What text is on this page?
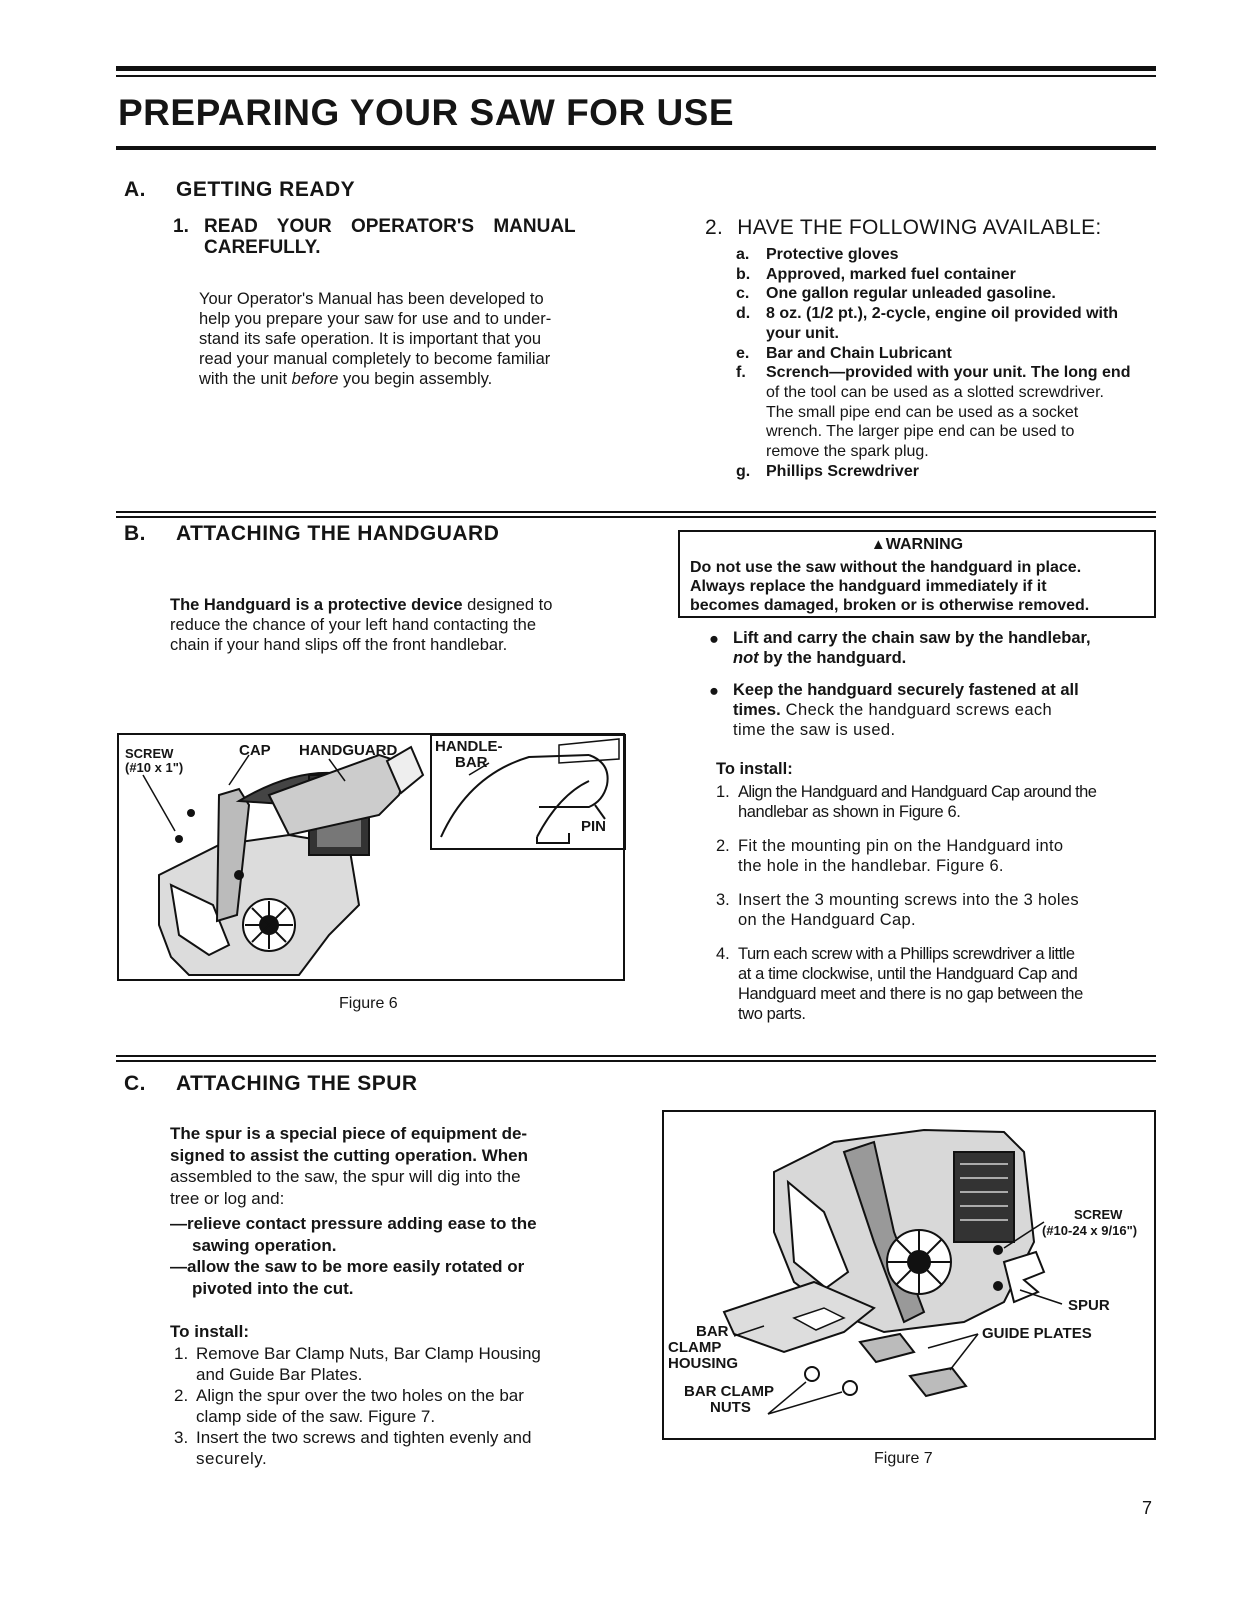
PREPARING YOUR SAW FOR USE
A. GETTING READY
1. READ YOUR OPERATOR'S MANUAL
CAREFULLY.
Your Operator's Manual has been developed to
help you prepare your saw for use and to under-
stand its safe operation. It is important that you
read your manual completely to become familiar
with the unit before you begin assembly.
2. HAVE THE FOLLOWING AVAILABLE:
a. Protective gloves
b. Approved, marked fuel container
c. One gallon regular unleaded gasoline.
d. 8 oz. (1/2 pt.), 2-cycle, engine oil provided with
your unit.
e. Bar and Chain Lubricant
f. Scrench—provided with your unit. The long end
of the tool can be used as a slotted screwdriver.
The small pipe end can be used as a socket
wrench. The larger pipe end can be used to
remove the spark plug.
g. Phillips Screwdriver
B. ATTACHING THE HANDGUARD
The Handguard is a protective device designed to
reduce the chance of your left hand contacting the
chain if your hand slips off the front handlebar.
SCREW
(#10 x 1")
CAP HANDGUARD	HANDLE-
BAR
PIN
Figure 6
▲WARNING
Do not use the saw without the handguard in place.
Always replace the handguard immediately if it
becomes damaged, broken or is otherwise removed.
● Lift and carry the chain saw by the handlebar,
not by the handguard.
● Keep the handguard securely fastened at all
times. Check the handguard screws each
time the saw is used.
To install:
1. Align the Handguard and Handguard Cap around the
handlebar as shown in Figure 6.
2. Fit the mounting pin on the Handguard into
the hole in the handlebar. Figure 6.
3. Insert the 3 mounting screws into the 3 holes
on the Handguard Cap.
4. Turn each screw with a Phillips screwdriver a little
at a time clockwise, until the Handguard Cap and
Handguard meet and there is no gap between the
two parts.
C. ATTACHING THE SPUR
The spur is a special piece of equipment de-
signed to assist the cutting operation. When
assembled to the saw, the spur will dig into the
tree or log and:
—relieve contact pressure adding ease to the
sawing operation.
—allow the saw to be more easily rotated or
pivoted into the cut.
To install:
1. Remove Bar Clamp Nuts, Bar Clamp Housing
and Guide Bar Plates.
2. Align the spur over the two holes on the bar
clamp side of the saw. Figure 7.
3. Insert the two screws and tighten evenly and
securely.
SCREW
(#10-24 x 9/16")
SPUR
GUIDE PLATES
BAR
CLAMP
HOUSING
BAR CLAMP
NUTS
Figure 7
7
